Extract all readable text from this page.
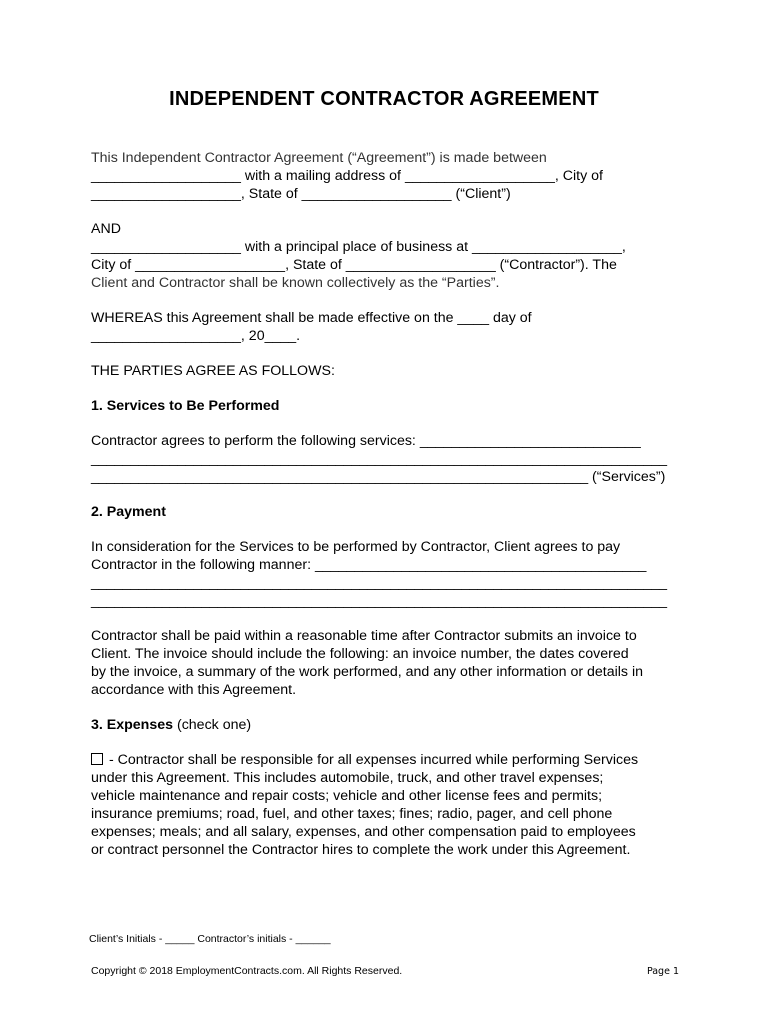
INDEPENDENT CONTRACTOR AGREEMENT

This Independent Contractor Agreement (“Agreement”) is made between

___________________ with a mailing address of ___________________, City of

___________________, State of ___________________ (“Client”)

AND

___________________ with a principal place of business at ___________________,

City of ___________________, State of ___________________ (“Contractor”). The

Client and Contractor shall be known collectively as the “Parties”.

WHEREAS this Agreement shall be made effective on the ____ day of

___________________, 20____.

THE PARTIES AGREE AS FOLLOWS:

1. Services to Be Performed

Contractor agrees to perform the following services: ____________________________

_________________________________________________________________________

_______________________________________________________________ (“Services”)

2. Payment

In consideration for the Services to be performed by Contractor, Client agrees to pay

Contractor in the following manner: __________________________________________

_________________________________________________________________________

_________________________________________________________________________

Contractor shall be paid within a reasonable time after Contractor submits an invoice to

Client. The invoice should include the following: an invoice number, the dates covered

by the invoice, a summary of the work performed, and any other information or details in

accordance with this Agreement.

3. Expenses (check one)

- Contractor shall be responsible for all expenses incurred while performing Services

under this Agreement. This includes automobile, truck, and other travel expenses;

vehicle maintenance and repair costs; vehicle and other license fees and permits;

insurance premiums; road, fuel, and other taxes; fines; radio, pager, and cell phone

expenses; meals; and all salary, expenses, and other compensation paid to employees

or contract personnel the Contractor hires to complete the work under this Agreement.

Client’s Initials - _____ Contractor’s initials - ______
Copyright © 2018 EmploymentContracts.com. All Rights Reserved.	Page 1
